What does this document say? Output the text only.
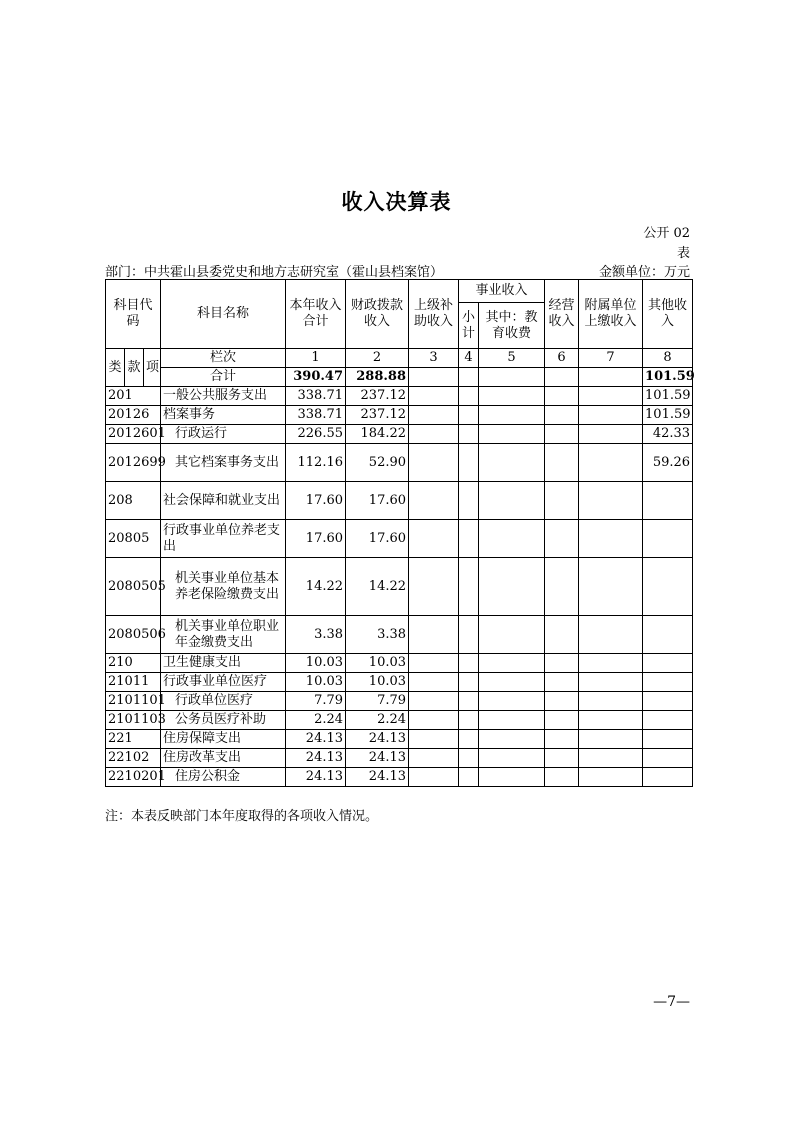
收入决算表
公开 02
表
部门：中共霍山县委党史和地方志研究室（霍山县档案馆）	金额单位：万元
科目代码			科目名称	本年收入合计	财政拨款收入	上级补助收入	事业收入		经营收入	附属单位上缴收入	其他收入
							小计	其中：教育收费			

类	款	项	栏次	1	2	3	4	5	6	7	8
			合计	390.47	288.88						101.59
201			一般公共服务支出	338.71	237.12						101.59
20126			档案事务	338.71	237.12						101.59
2012601			行政运行	226.55	184.22						42.33
2012699			其它档案事务支出	112.16	52.90						59.26
208			社会保障和就业支出	17.60	17.60						
20805			行政事业单位养老支出	17.60	17.60						
2080505			机关事业单位基本养老保险缴费支出	14.22	14.22						
2080506			机关事业单位职业年金缴费支出	3.38	3.38						
210			卫生健康支出	10.03	10.03						
21011			行政事业单位医疗	10.03	10.03						
2101101			行政单位医疗	7.79	7.79						
2101103			公务员医疗补助	2.24	2.24						
221			住房保障支出	24.13	24.13						
22102			住房改革支出	24.13	24.13						
2210201			住房公积金	24.13	24.13						
注：本表反映部门本年度取得的各项收入情况。
—7—
